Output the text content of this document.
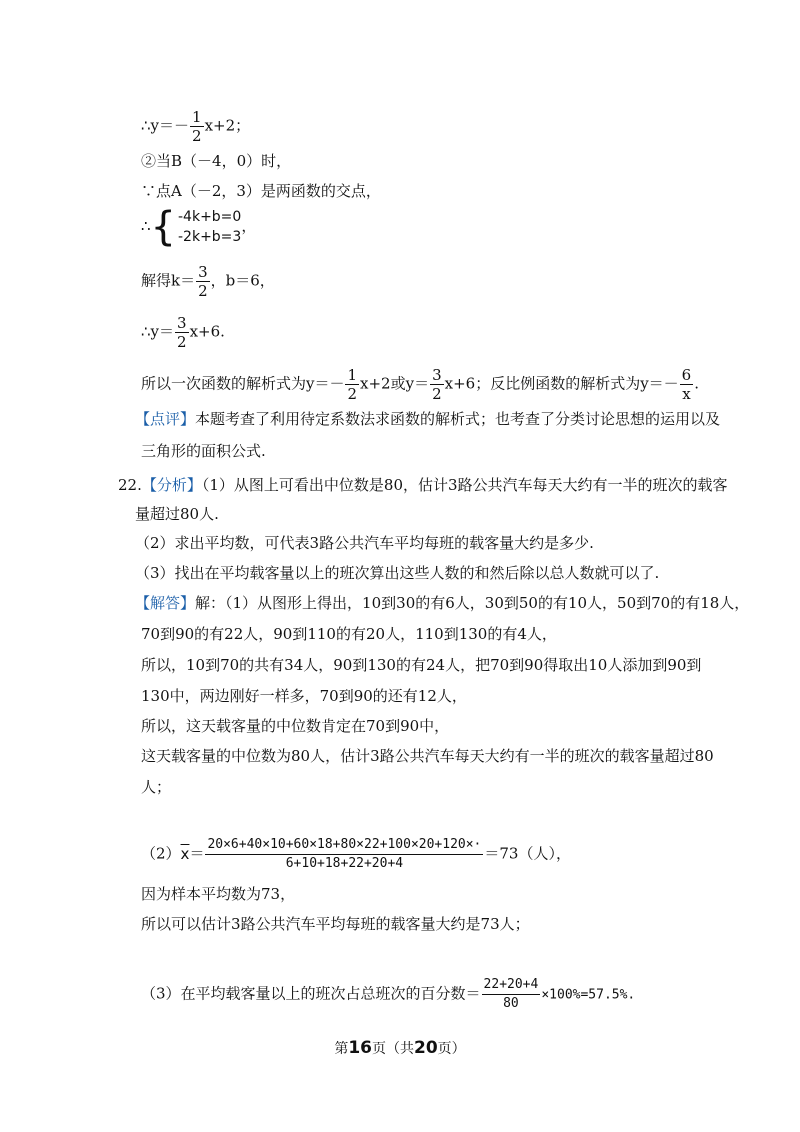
∴y＝－ $\frac{1}{2} x+2$；
②当B（－4，0）时，
∵点A（－2，3）是两函数的交点，
∴{ -4k+b=0
-2k+b=3
，
解得$k= \frac{3}{2}$ ，b＝6，
∴y＝ $\frac{3}{2} x+6$.
所以一次函数的解析式为$y=- \frac{1}{2} x+2$或$y= \frac{3}{2} x+6$；反比例函数的解析式为$y=- \frac{6}{x}$ .
【点评】本题考查了利用待定系数法求函数的解析式；也考查了分类讨论思想的运用以及
三角形的面积公式.
22.【分析】（1）从图上可看出中位数是80，估计3路公共汽车每天大约有一半的班次的载客
量超过80人.
（2）求出平均数，可代表3路公共汽车平均每班的载客量大约是多少.
（3）找出在平均载客量以上的班次算出这些人数的和然后除以总人数就可以了.
【解答】解：（1）从图形上得出，10到30的有6人，30到50的有10人，50到70的有18人，
70到90的有22人，90到110的有20人，110到130的有4人，
所以，10到70的共有34人，90到130的有24人，把70到90得取出10人添加到90到
130中，两边刚好一样多，70到90的还有12人，
所以，这天载客量的中位数肯定在70到90中，
这天载客量的中位数为80人，估计3路公共汽车每天大约有一半的班次的载客量超过80
人；
$(2)\overline{x}= \frac{20\times 6+40\times 10+60\times 18+80\times 22+100\times 20+120\times\cdot}{6+10+18+22+20+4} =73$（人），
因为样本平均数为73，
所以可以估计3路公共汽车平均每班的载客量大约是73人；
（3）在平均载客量以上的班次占总班次的百分数＝ $\frac{22+20+4}{80} \times 100\%=57.5\%$.
第16页（共20页）
